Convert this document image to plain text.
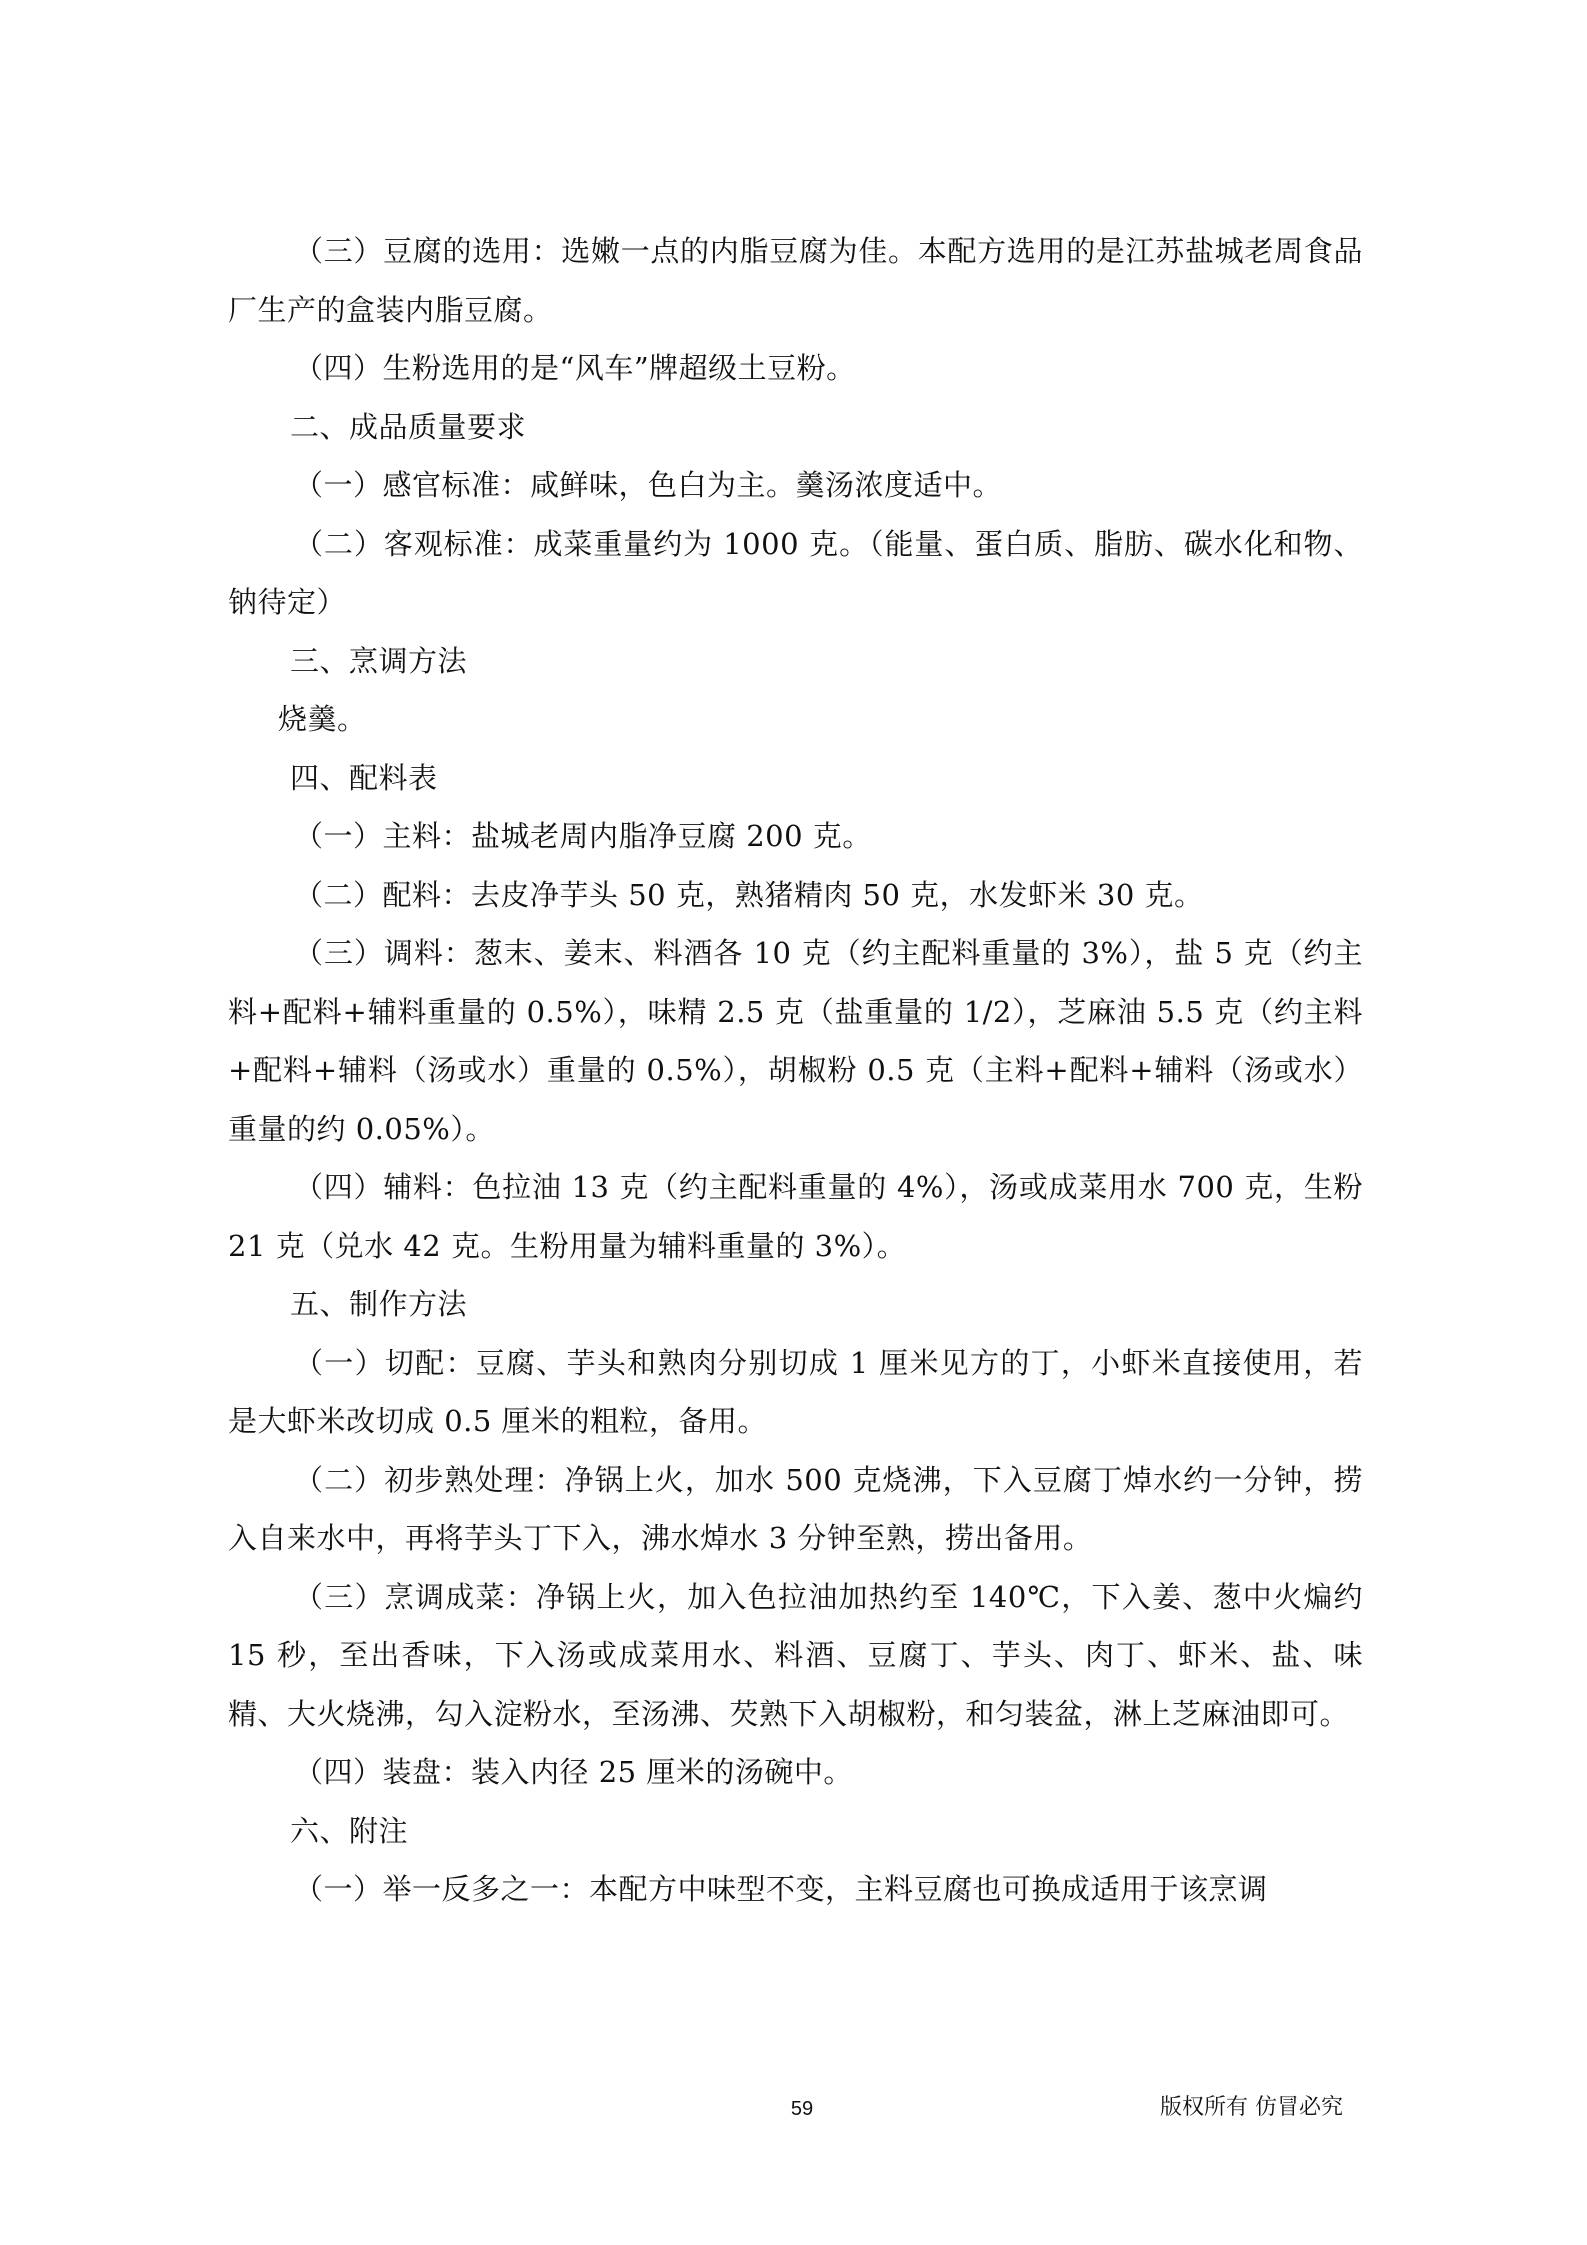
（三）豆腐的选用：选嫩一点的内脂豆腐为佳。本配方选用的是江苏盐城老周食品厂生产的盒装内脂豆腐。

（四）生粉选用的是“风车”牌超级土豆粉。

二、成品质量要求

（一）感官标准：咸鲜味，色白为主。羹汤浓度适中。

（二）客观标准：成菜重量约为 1000 克。（能量、蛋白质、脂肪、碳水化和物、钠待定）

三、烹调方法

烧羹。

四、配料表

（一）主料：盐城老周内脂净豆腐 200 克。

（二）配料：去皮净芋头 50 克，熟猪精肉 50 克，水发虾米 30 克。

（三）调料：葱末、姜末、料酒各 10 克（约主配料重量的 3%），盐 5 克（约主料+配料+辅料重量的 0.5%），味精 2.5 克（盐重量的 1/2），芝麻油 5.5 克（约主料+配料+辅料（汤或水）重量的 0.5%），胡椒粉 0.5 克（主料+配料+辅料（汤或水）重量的约 0.05%）。

（四）辅料：色拉油 13 克（约主配料重量的 4%），汤或成菜用水 700 克，生粉 21 克（兑水 42 克。生粉用量为辅料重量的 3%）。

五、制作方法

（一）切配：豆腐、芋头和熟肉分别切成 1 厘米见方的丁，小虾米直接使用，若是大虾米改切成 0.5 厘米的粗粒，备用。

（二）初步熟处理：净锅上火，加水 500 克烧沸，下入豆腐丁焯水约一分钟，捞入自来水中，再将芋头丁下入，沸水焯水 3 分钟至熟，捞出备用。

（三）烹调成菜：净锅上火，加入色拉油加热约至 140℃，下入姜、葱中火煸约 15 秒，至出香味，下入汤或成菜用水、料酒、豆腐丁、芋头、肉丁、虾米、盐、味精、大火烧沸，勾入淀粉水，至汤沸、芡熟下入胡椒粉，和匀装盆，淋上芝麻油即可。

（四）装盘：装入内径 25 厘米的汤碗中。

六、附注

（一）举一反多之一：本配方中味型不变，主料豆腐也可换成适用于该烹调

59	版权所有 仿冒必究
